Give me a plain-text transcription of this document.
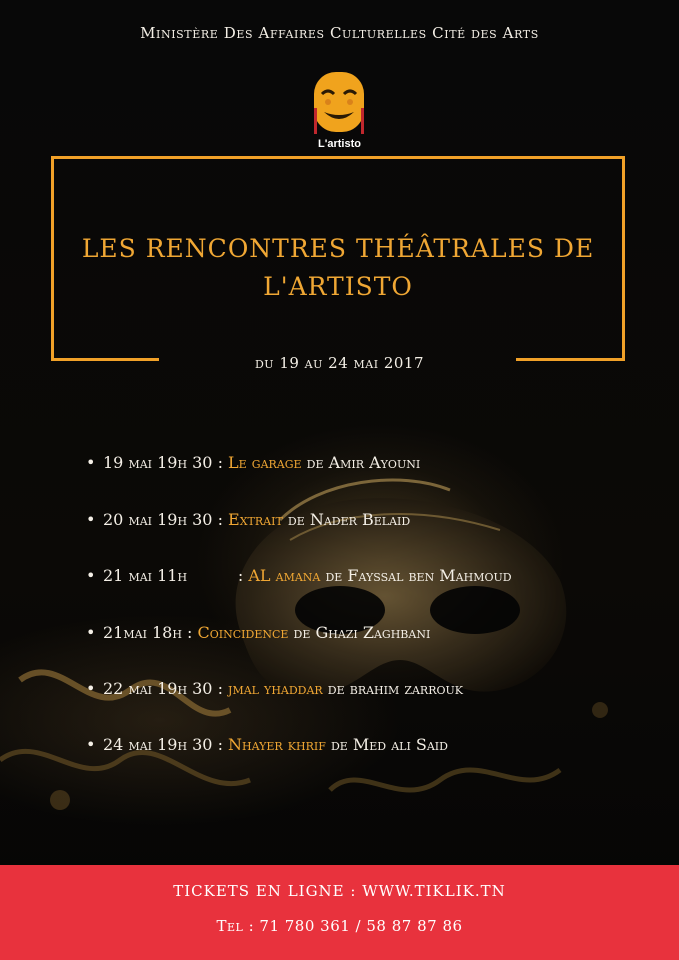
Ministère Des Affaires Culturelles Cité des Arts
L'artisto
LES RENCONTRES THÉÂTRALES DE
L'ARTISTO
du 19 au 24 mai 2017
• 19 mai 19h 30 : Le garage de Amir Ayouni
• 20 mai 19h 30 : Extrait de Nader Belaid
• 21 mai 11h          : AL amana de Fayssal ben Mahmoud
• 21mai 18h : Coincidence de Ghazi Zaghbani
• 22 mai 19h 30 : jmal yhaddar de brahim zarrouk
• 24 mai 19h 30 : Nhayer khrif de Med ali Said
TICKETS EN LIGNE : WWW.TIKLIK.TN
Tel : 71 780 361 / 58 87 87 86
